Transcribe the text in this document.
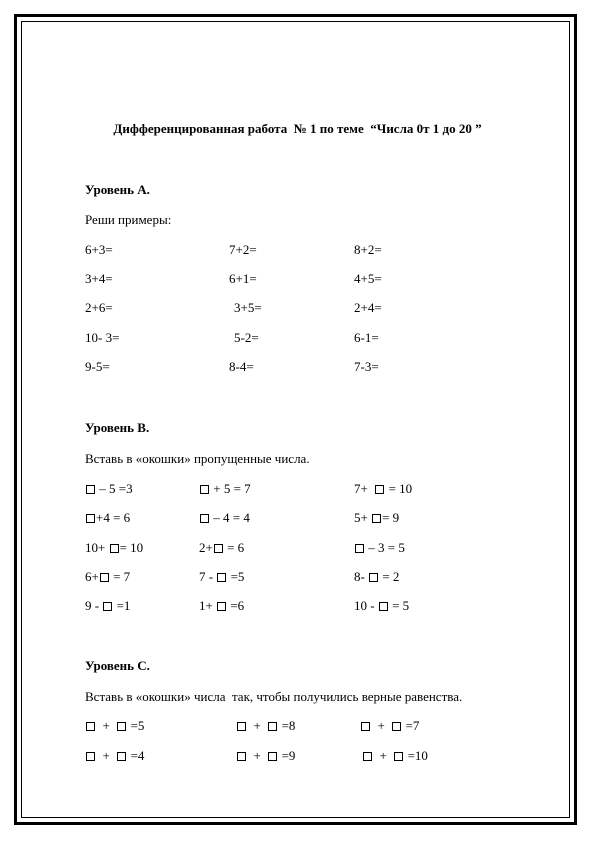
Дифференцированная работа  № 1 по теме  “Числа 0т 1 до 20 ”
Уровень А.
Реши примеры:
6+3=	7+2=	8+2=
3+4=	6+1=	4+5=
2+6=	3+5=	2+4=
10- 3=	5-2=	6-1=
9-5=	8-4=	7-3=
Уровень В.
Вставь в «окошки» пропущенные числа.
– 5 =3	+ 5 = 7	7+   = 10
+4 = 6	– 4 = 4	5+ = 9
10+ = 10	2+ = 6	– 3 = 5
6+ = 7	7 -  =5	8-  = 2
9 -  =1	1+  =6	10 -  = 5
Уровень С.
Вставь в «окошки» числа  так, чтобы получились верные равенства.
+   =5	+   =8	+   =7
+   =4	+   =9	+   =10
